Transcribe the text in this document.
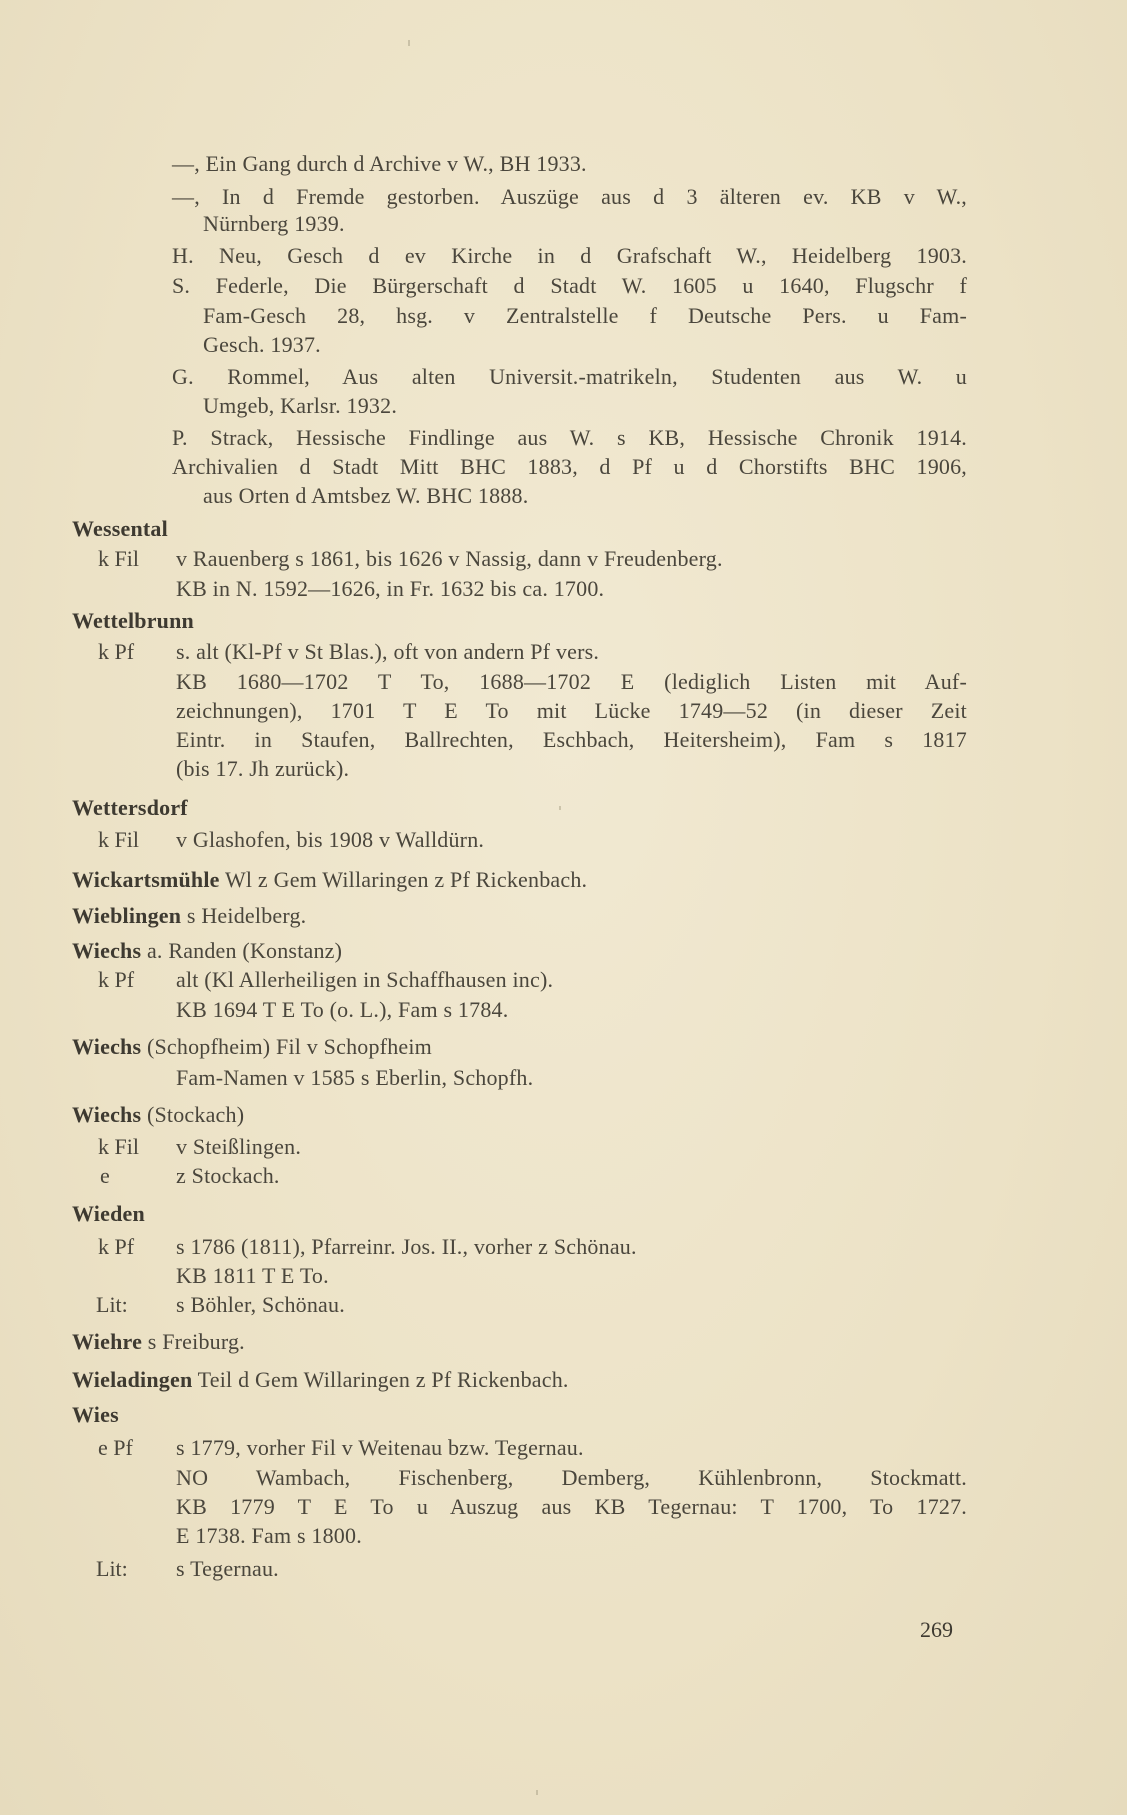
—, Ein Gang durch d Archive v W., BH 1933.
—, In d Fremde gestorben. Auszüge aus d 3 älteren ev. KB v W.,
Nürnberg 1939.
H. Neu, Gesch d ev Kirche in d Grafschaft W., Heidelberg 1903.
S. Federle, Die Bürgerschaft d Stadt W. 1605 u 1640, Flugschr f
Fam-Gesch 28, hsg. v Zentralstelle f Deutsche Pers. u Fam-
Gesch. 1937.
G. Rommel, Aus alten Universit.-matrikeln, Studenten aus W. u
Umgeb, Karlsr. 1932.
P. Strack, Hessische Findlinge aus W. s KB, Hessische Chronik 1914.
Archivalien d Stadt Mitt BHC 1883, d Pf u d Chorstifts BHC 1906,
aus Orten d Amtsbez W. BHC 1888.
Wessental
k Fil v Rauenberg s 1861, bis 1626 v Nassig, dann v Freudenberg.
KB in N. 1592—1626, in Fr. 1632 bis ca. 1700.
Wettelbrunn
k Pf s. alt (Kl-Pf v St Blas.), oft von andern Pf vers.
KB 1680—1702 T To, 1688—1702 E (lediglich Listen mit Auf-
zeichnungen), 1701 T E To mit Lücke 1749—52 (in dieser Zeit
Eintr. in Staufen, Ballrechten, Eschbach, Heitersheim), Fam s 1817
(bis 17. Jh zurück).
Wettersdorf
k Fil v Glashofen, bis 1908 v Walldürn.
Wickartsmühle Wl z Gem Willaringen z Pf Rickenbach.
Wieblingen s Heidelberg.
Wiechs a. Randen (Konstanz)
k Pf alt (Kl Allerheiligen in Schaffhausen inc).
KB 1694 T E To (o. L.), Fam s 1784.
Wiechs (Schopfheim) Fil v Schopfheim
Fam-Namen v 1585 s Eberlin, Schopfh.
Wiechs (Stockach)
k Fil v Steißlingen.
e	z Stockach.
Wieden
k Pf s 1786 (1811), Pfarreinr. Jos. II., vorher z Schönau.
KB 1811 T E To.
Lit: s Böhler, Schönau.
Wiehre s Freiburg.
Wieladingen Teil d Gem Willaringen z Pf Rickenbach.
Wies
e Pf s 1779, vorher Fil v Weitenau bzw. Tegernau.
NO Wambach, Fischenberg, Demberg, Kühlenbronn, Stockmatt.
KB 1779 T E To u Auszug aus KB Tegernau: T 1700, To 1727.
E 1738. Fam s 1800.
Lit: s Tegernau.
269
